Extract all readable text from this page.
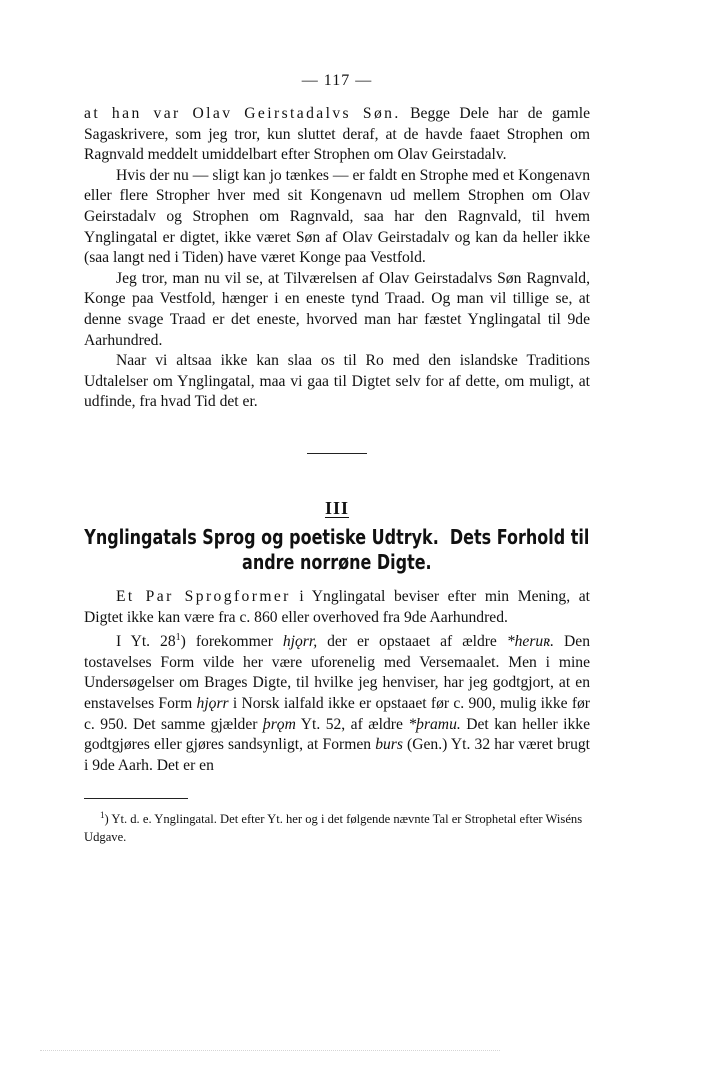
— 117 —

at han var Olav Geirstadalvs Søn. Begge Dele har de gamle Sagaskrivere, som jeg tror, kun sluttet deraf, at de havde faaet Strophen om Ragnvald meddelt umiddelbart efter Strophen om Olav Geirstadalv.

Hvis der nu — sligt kan jo tænkes — er faldt en Strophe med et Kongenavn eller flere Stropher hver med sit Kongenavn ud mellem Strophen om Olav Geirstadalv og Strophen om Ragnvald, saa har den Ragnvald, til hvem Ynglingatal er digtet, ikke været Søn af Olav Geirstadalv og kan da heller ikke (saa langt ned i Tiden) have været Konge paa Vestfold.

Jeg tror, man nu vil se, at Tilværelsen af Olav Geirstadalvs Søn Ragnvald, Konge paa Vestfold, hænger i en eneste tynd Traad. Og man vil tillige se, at denne svage Traad er det eneste, hvorved man har fæstet Ynglingatal til 9de Aarhundred.

Naar vi altsaa ikke kan slaa os til Ro med den islandske Traditions Udtalelser om Ynglingatal, maa vi gaa til Digtet selv for af dette, om muligt, at udfinde, fra hvad Tid det er.

III
Ynglingatals Sprog og poetiske Udtryk.  Dets Forhold til
andre norrøne Digte.

Et Par Sprogformer i Ynglingatal beviser efter min Mening, at Digtet ikke kan være fra c. 860 eller overhoved fra 9de Aarhundred.

I Yt. $28^1$) forekommer hjǫrr, der er opstaaet af ældre *heruʀ. Den tostavelses Form vilde her være uforenelig med Versemaalet. Men i mine Undersøgelser om Brages Digte, til hvilke jeg henviser, har jeg godtgjort, at en enstavelses Form hjǫrr i Norsk ialfald ikke er opstaaet før c. 900, mulig ikke før c. 950. Det samme gjælder þrǫm Yt. 52, af ældre *þramu. Det kan heller ikke godtgjøres eller gjøres sandsynligt, at Formen burs (Gen.) Yt. 32 har været brugt i 9de Aarh. Det er en

$^1$) Yt. d. e. Ynglingatal. Det efter Yt. her og i det følgende nævnte Tal er Strophetal efter Wiséns Udgave.
